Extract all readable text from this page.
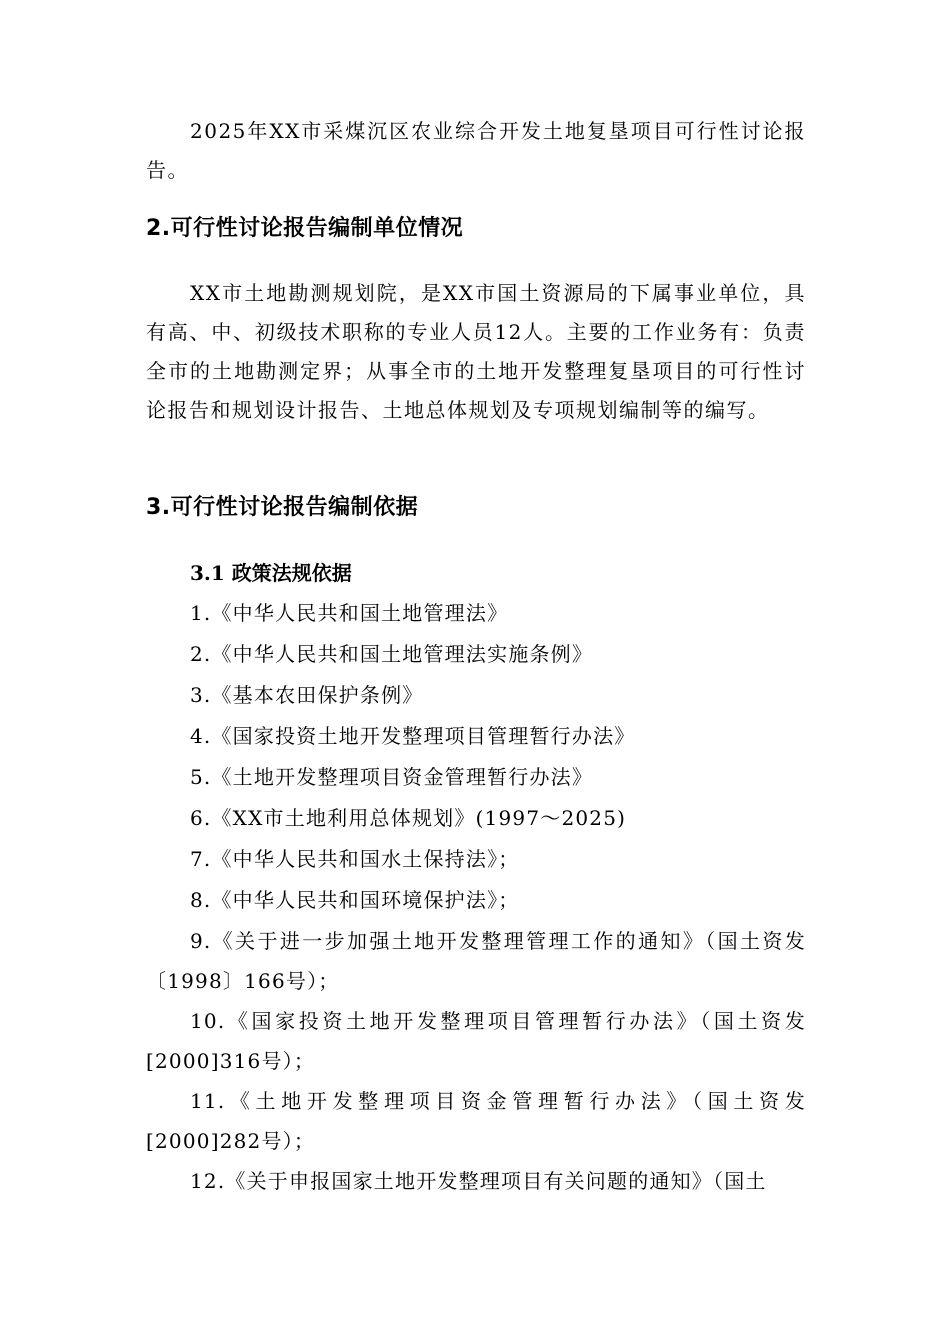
2025年XX市采煤沉区农业综合开发土地复垦项目可行性讨论报告。

2.可行性讨论报告编制单位情况

XX市土地勘测规划院，是XX市国土资源局的下属事业单位，具有高、中、初级技术职称的专业人员12人。主要的工作业务有：负责全市的土地勘测定界；从事全市的土地开发整理复垦项目的可行性讨论报告和规划设计报告、土地总体规划及专项规划编制等的编写。

3.可行性讨论报告编制依据
3.1 政策法规依据
1.《中华人民共和国土地管理法》
2.《中华人民共和国土地管理法实施条例》
3.《基本农田保护条例》
4.《国家投资土地开发整理项目管理暂行办法》
5.《土地开发整理项目资金管理暂行办法》
6.《XX市土地利用总体规划》(1997～2025)
7.《中华人民共和国水土保持法》；
8.《中华人民共和国环境保护法》；
9.《关于进一步加强土地开发整理管理工作的通知》（国土资发〔1998〕166号）；
10.《国家投资土地开发整理项目管理暂行办法》（国土资发[2000]316号）；
11.《土地开发整理项目资金管理暂行办法》（国土资发[2000]282号）；
12.《关于申报国家土地开发整理项目有关问题的通知》（国土
